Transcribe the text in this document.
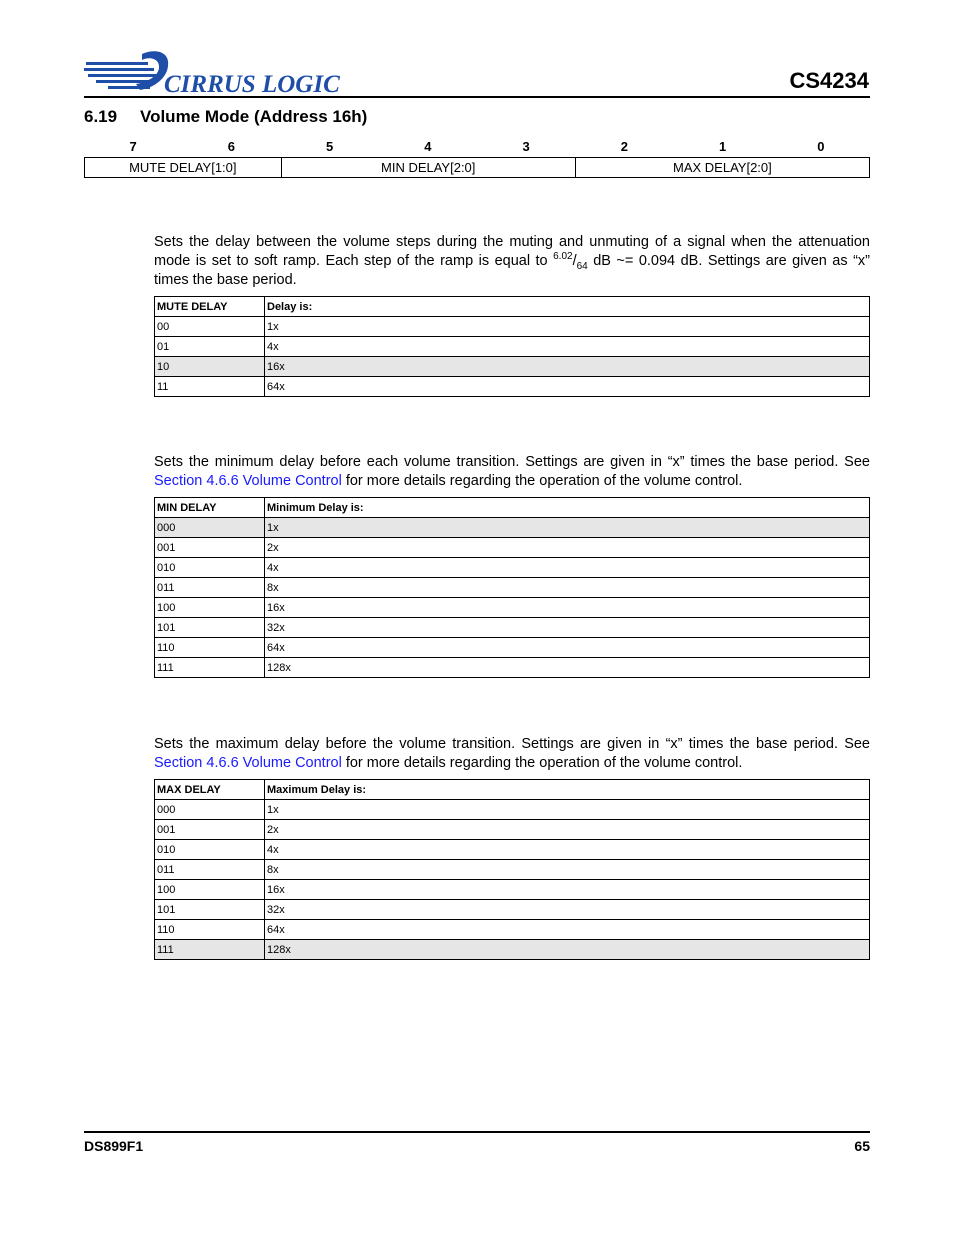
CIRRUS LOGIC	CS4234
6.19 Volume Mode (Address 16h)
7	6	5	4	3	2	1	0
MUTE DELAY[1:0]	MIN DELAY[2:0]	MAX DELAY[2:0]
Sets the delay between the volume steps during the muting and unmuting of a signal when the attenuation mode is set to soft ramp. Each step of the ramp is equal to $^{6.02}/_{64}$ dB ~= 0.094 dB. Settings are given as “x” times the base period.
MUTE DELAY	Delay is:
00	1x
01	4x
10	16x
11	64x
Sets the minimum delay before each volume transition. Settings are given in “x” times the base period. See Section 4.6.6 Volume Control for more details regarding the operation of the volume control.
MIN DELAY	Minimum Delay is:
000	1x
001	2x
010	4x
011	8x
100	16x
101	32x
110	64x
111	128x
Sets the maximum delay before the volume transition. Settings are given in “x” times the base period. See Section 4.6.6 Volume Control for more details regarding the operation of the volume control.
MAX DELAY	Maximum Delay is:
000	1x
001	2x
010	4x
011	8x
100	16x
101	32x
110	64x
111	128x
DS899F1	65
